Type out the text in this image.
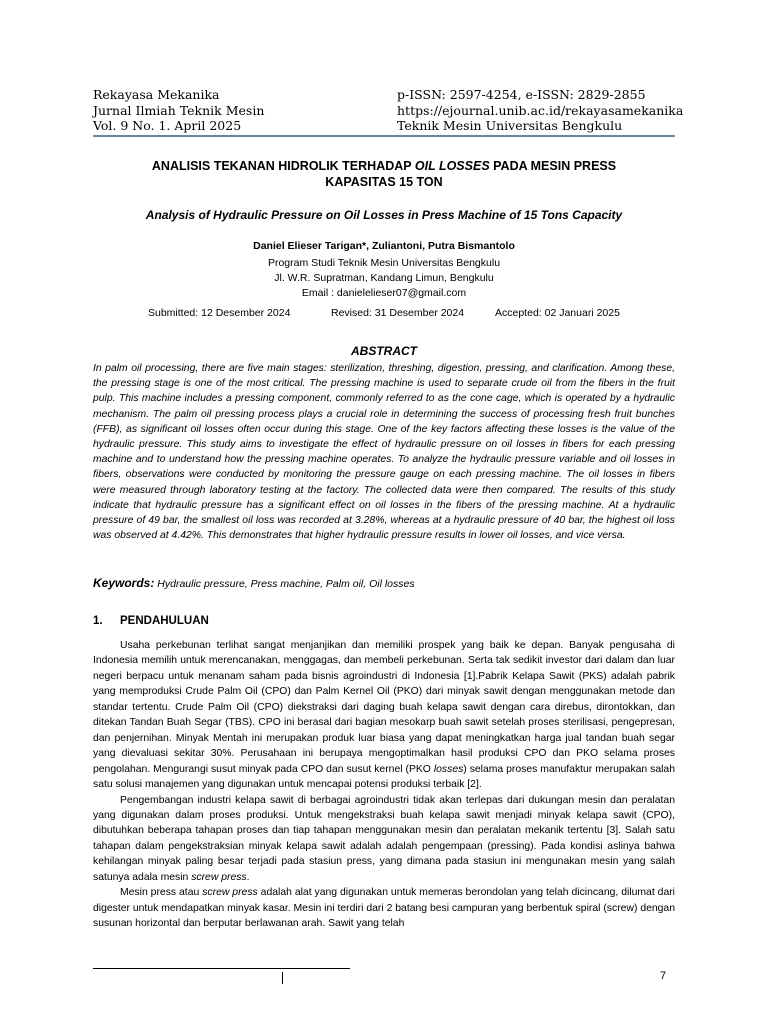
Rekayasa Mekanika
Jurnal Ilmiah Teknik Mesin
Vol. 9 No. 1. April 2025
p-ISSN: 2597-4254, e-ISSN: 2829-2855
https://ejournal.unib.ac.id/rekayasamekanika
Teknik Mesin Universitas Bengkulu
ANALISIS TEKANAN HIDROLIK TERHADAP OIL LOSSES PADA MESIN PRESS
KAPASITAS 15 TON
Analysis of Hydraulic Pressure on Oil Losses in Press Machine of 15 Tons Capacity
Daniel Elieser Tarigan*, Zuliantoni, Putra Bismantolo
Program Studi Teknik Mesin Universitas Bengkulu
Jl. W.R. Supratman, Kandang Limun, Bengkulu
Email : danielelieser07@gmail.com
Submitted: 12 Desember 2024	Revised: 31 Desember 2024	Accepted: 02 Januari 2025
ABSTRACT
In palm oil processing, there are five main stages: sterilization, threshing, digestion, pressing, and clarification. Among these, the pressing stage is one of the most critical. The pressing machine is used to separate crude oil from the fibers in the fruit pulp. This machine includes a pressing component, commonly referred to as the cone cage, which is operated by a hydraulic mechanism. The palm oil pressing process plays a crucial role in determining the success of processing fresh fruit bunches (FFB), as significant oil losses often occur during this stage. One of the key factors affecting these losses is the value of the hydraulic pressure. This study aims to investigate the effect of hydraulic pressure on oil losses in fibers for each pressing machine and to understand how the pressing machine operates. To analyze the hydraulic pressure variable and oil losses in fibers, observations were conducted by monitoring the pressure gauge on each pressing machine. The oil losses in fibers were measured through laboratory testing at the factory. The collected data were then compared. The results of this study indicate that hydraulic pressure has a significant effect on oil losses in the fibers of the pressing machine. At a hydraulic pressure of 49 bar, the smallest oil loss was recorded at 3.28%, whereas at a hydraulic pressure of 40 bar, the highest oil loss was observed at 4.42%. This demonstrates that higher hydraulic pressure results in lower oil losses, and vice versa.
Keywords: Hydraulic pressure, Press machine, Palm oil, Oil losses
1. PENDAHULUAN

Usaha perkebunan terlihat sangat menjanjikan dan memiliki prospek yang baik ke depan. Banyak pengusaha di Indonesia memilih untuk merencanakan, menggagas, dan membeli perkebunan. Serta tak sedikit investor dari dalam dan luar negeri berpacu untuk menanam saham pada bisnis agroindustri di Indonesia [1].Pabrik Kelapa Sawit (PKS) adalah pabrik yang memproduksi Crude Palm Oil (CPO) dan Palm Kernel Oil (PKO) dari minyak sawit dengan menggunakan metode dan standar tertentu. Crude Palm Oil (CPO) diekstraksi dari daging buah kelapa sawit dengan cara direbus, dirontokkan, dan ditekan Tandan Buah Segar (TBS). CPO ini berasal dari bagian mesokarp buah sawit setelah proses sterilisasi, pengepresan, dan penjernihan. Minyak Mentah ini merupakan produk luar biasa yang dapat meningkatkan harga jual tandan buah segar yang dievaluasi sekitar 30%. Perusahaan ini berupaya mengoptimalkan hasil produksi CPO dan PKO selama proses pengolahan. Mengurangi susut minyak pada CPO dan susut kernel (PKO losses) selama proses manufaktur merupakan salah satu solusi manajemen yang digunakan untuk mencapai potensi produksi terbaik [2].

Pengembangan industri kelapa sawit di berbagai agroindustri tidak akan terlepas dari dukungan mesin dan peralatan yang digunakan dalam proses produksi. Untuk mengekstraksi buah kelapa sawit menjadi minyak kelapa sawit (CPO), dibutuhkan beberapa tahapan proses dan tiap tahapan menggunakan mesin dan peralatan mekanik tertentu [3]. Salah satu tahapan dalam pengekstraksian minyak kelapa sawit adalah adalah pengempaan (pressing). Pada kondisi aslinya bahwa kehilangan minyak paling besar terjadi pada stasiun press, yang dimana pada stasiun ini mengunakan mesin yang salah satunya adala mesin screw press.

Mesin press atau screw press adalah alat yang digunakan untuk memeras berondolan yang telah dicincang, dilumat dari digester untuk mendapatkan minyak kasar. Mesin ini terdiri dari 2 batang besi campuran yang berbentuk spiral (screw) dengan susunan horizontal dan berputar berlawanan arah. Sawit yang telah

7
